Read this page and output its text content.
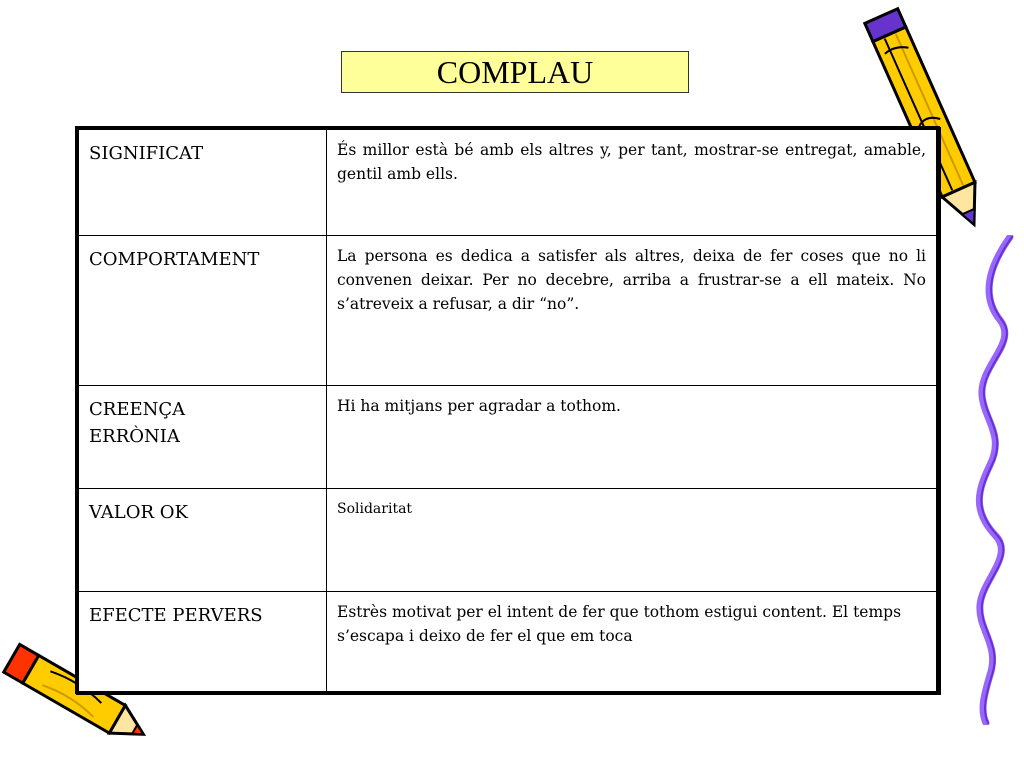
COMPLAU
SIGNIFICAT	És millor està bé amb els altres y, per tant, mostrar-se entregat, amable, gentil amb ells.
COMPORTAMENT	La persona es dedica a satisfer als altres, deixa de fer coses que no li convenen deixar. Per no decebre, arriba a frustrar-se a ell mateix. No s’atreveix a refusar, a dir “no”.
CREENÇA ERRÒNIA	Hi ha mitjans per agradar a tothom.
VALOR OK	Solidaritat
EFECTE PERVERS	Estrès motivat per el intent de fer que tothom estigui content. El temps s’escapa i deixo de fer el que em toca
